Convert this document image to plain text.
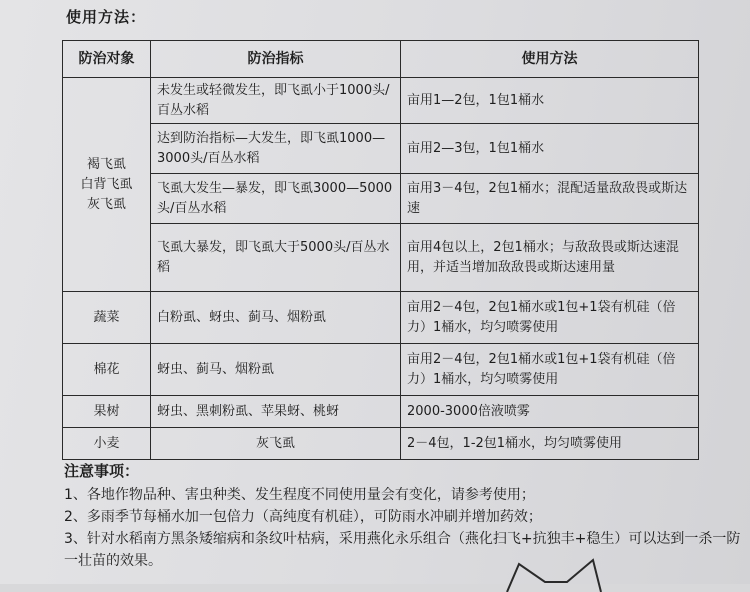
使用方法：
防治对象	防治指标	使用方法
褐飞虱
白背飞虱
灰飞虱	未发生或轻微发生，即飞虱小于1000头/百丛水稻	亩用1—2包，1包1桶水
	达到防治指标—大发生，即飞虱1000—3000头/百丛水稻	亩用2—3包，1包1桶水
	飞虱大发生—暴发，即飞虱3000—5000头/百丛水稻	亩用3－4包，2包1桶水；混配适量敌敌畏或斯达速
	飞虱大暴发，即飞虱大于5000头/百丛水稻	亩用4包以上，2包1桶水；与敌敌畏或斯达速混用，并适当增加敌敌畏或斯达速用量
蔬菜	白粉虱、蚜虫、蓟马、烟粉虱	亩用2－4包，2包1桶水或1包+1袋有机硅（倍力）1桶水，均匀喷雾使用
棉花	蚜虫、蓟马、烟粉虱	亩用2－4包，2包1桶水或1包+1袋有机硅（倍力）1桶水，均匀喷雾使用
果树	蚜虫、黑刺粉虱、苹果蚜、桃蚜	2000-3000倍液喷雾
小麦	灰飞虱	2－4包，1-2包1桶水，均匀喷雾使用
注意事项：

1、各地作物品种、害虫种类、发生程度不同使用量会有变化，请参考使用；

2、多雨季节每桶水加一包倍力（高纯度有机硅），可防雨水冲刷并增加药效；

3、针对水稻南方黑条矮缩病和条纹叶枯病，采用燕化永乐组合（燕化扫飞+抗独丰+稳生）可以达到一杀一防一壮苗的效果。
